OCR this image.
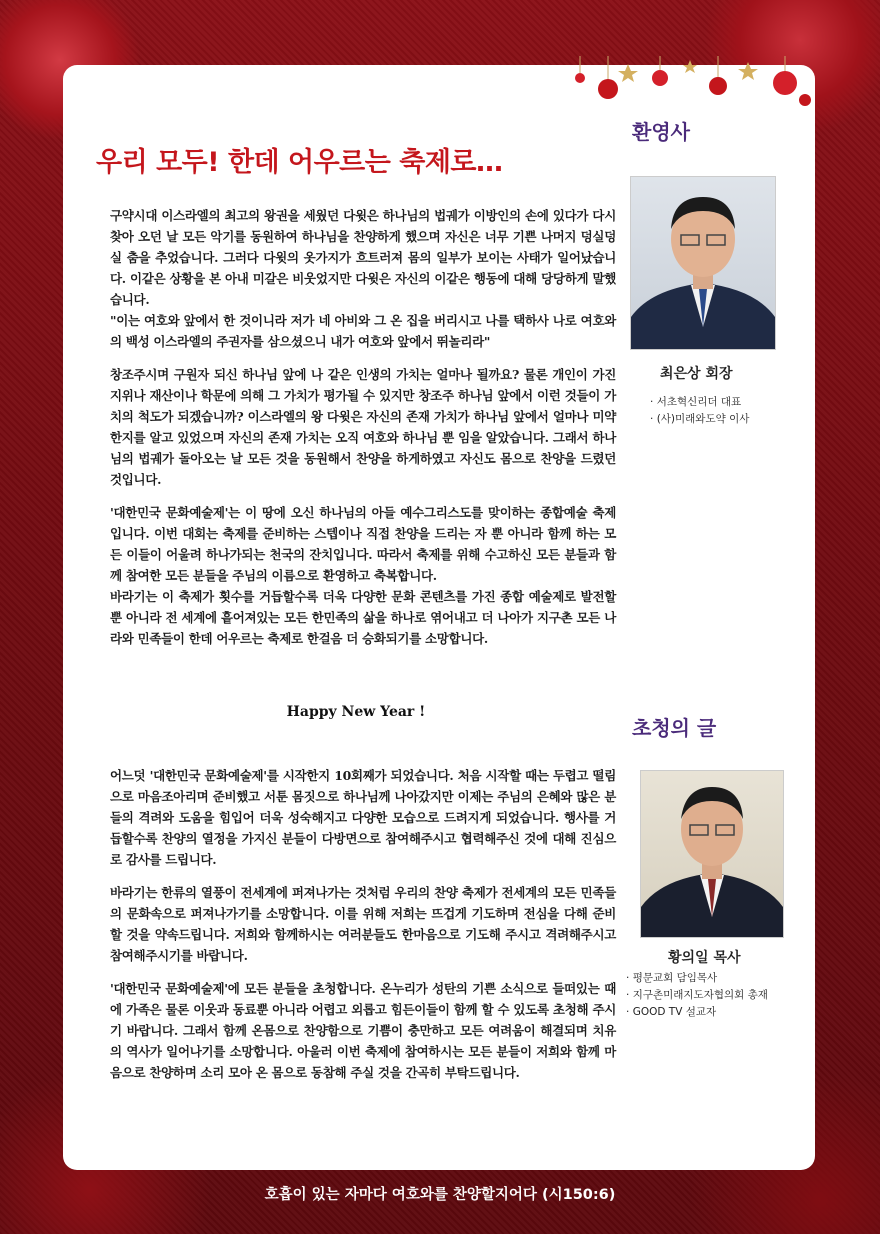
우리 모두! 한데 어우르는 축제로…

구약시대 이스라엘의 최고의 왕권을 세웠던 다윗은 하나님의 법궤가 이방인의 손에 있다가 다시 찾아 오던 날 모든 악기를 동원하여 하나님을 찬양하게 했으며 자신은 너무 기쁜 나머지 덩실덩실 춤을 추었습니다. 그러다 다윗의 옷가지가 흐트러져 몸의 일부가 보이는 사태가 일어났습니다. 이같은 상황을 본 아내 미갈은 비웃었지만 다윗은 자신의 이같은 행동에 대해 당당하게 말했습니다.

"이는 여호와 앞에서 한 것이니라 저가 네 아비와 그 온 집을 버리시고 나를 택하사 나로 여호와의 백성 이스라엘의 주권자를 삼으셨으니 내가 여호와 앞에서 뛰놀리라"

창조주시며 구원자 되신 하나님 앞에 나 같은 인생의 가치는 얼마나 될까요? 물론 개인이 가진 지위나 재산이나 학문에 의해 그 가치가 평가될 수 있지만 창조주 하나님 앞에서 이런 것들이 가치의 척도가 되겠습니까? 이스라엘의 왕 다윗은 자신의 존재 가치가 하나님 앞에서 얼마나 미약한지를 알고 있었으며 자신의 존재 가치는 오직 여호와 하나님 뿐 임을 알았습니다. 그래서 하나님의 법궤가 돌아오는 날 모든 것을 동원해서 찬양을 하게하였고 자신도 몸으로 찬양을 드렸던 것입니다.

'대한민국 문화예술제'는 이 땅에 오신 하나님의 아들 예수그리스도를 맞이하는 종합예술 축제입니다. 이번 대회는 축제를 준비하는 스텝이나 직접 찬양을 드리는 자 뿐 아니라 함께 하는 모든 이들이 어울려 하나가되는 천국의 잔치입니다. 따라서 축제를 위해 수고하신 모든 분들과 함께 참여한 모든 분들을 주님의 이름으로 환영하고 축복합니다.

바라기는 이 축제가 횟수를 거듭할수록 더욱 다양한 문화 콘텐츠를 가진 종합 예술제로 발전할 뿐 아니라 전 세계에 흩어져있는 모든 한민족의 삶을 하나로 엮어내고 더 나아가 지구촌 모든 나라와 민족들이 한데 어우르는 축제로 한걸음 더 승화되기를 소망합니다.

Happy New Year !

어느덧 '대한민국 문화예술제'를 시작한지 10회째가 되었습니다. 처음 시작할 때는 두렵고 떨림으로 마음조아리며 준비했고 서툰 몸짓으로 하나님께 나아갔지만 이제는 주님의 은혜와 많은 분들의 격려와 도움을 힘입어 더욱 성숙해지고 다양한 모습으로 드려지게 되었습니다. 행사를 거듭할수록 찬양의 열정을 가지신 분들이 다방면으로 참여해주시고 협력해주신 것에 대해 진심으로 감사를 드립니다.

바라기는 한류의 열풍이 전세계에 퍼져나가는 것처럼 우리의 찬양 축제가 전세계의 모든 민족들의 문화속으로 퍼져나가기를 소망합니다. 이를 위해 저희는 뜨겁게 기도하며 전심을 다해 준비할 것을 약속드립니다. 저희와 함께하시는 여러분들도 한마음으로 기도해 주시고 격려해주시고 참여해주시기를 바랍니다.

'대한민국 문화예술제'에 모든 분들을 초청합니다. 온누리가 성탄의 기쁜 소식으로 들떠있는 때에 가족은 물론 이웃과 동료뿐 아니라 어렵고 외롭고 힘든이들이 함께 할 수 있도록 초청해 주시기 바랍니다. 그래서 함께 온몸으로 찬양함으로 기쁨이 충만하고 모든 여려움이 해결되며 치유의 역사가 일어나기를 소망합니다. 아울러 이번 축제에 참여하시는 모든 분들이 저희와 함께 마음으로 찬양하며 소리 모아 온 몸으로 동참해 주실 것을 간곡히 부탁드립니다.

환영사

최은상 회장

· 서초혁신리더 대표
· (사)미래와도약 이사
초청의 글

황의일 목사

· 평문교회 담임목사
· 지구촌미래지도자협의회 총재
· GOOD TV 설교자

호흡이 있는 자마다 여호와를 찬양할지어다 (시150:6)
